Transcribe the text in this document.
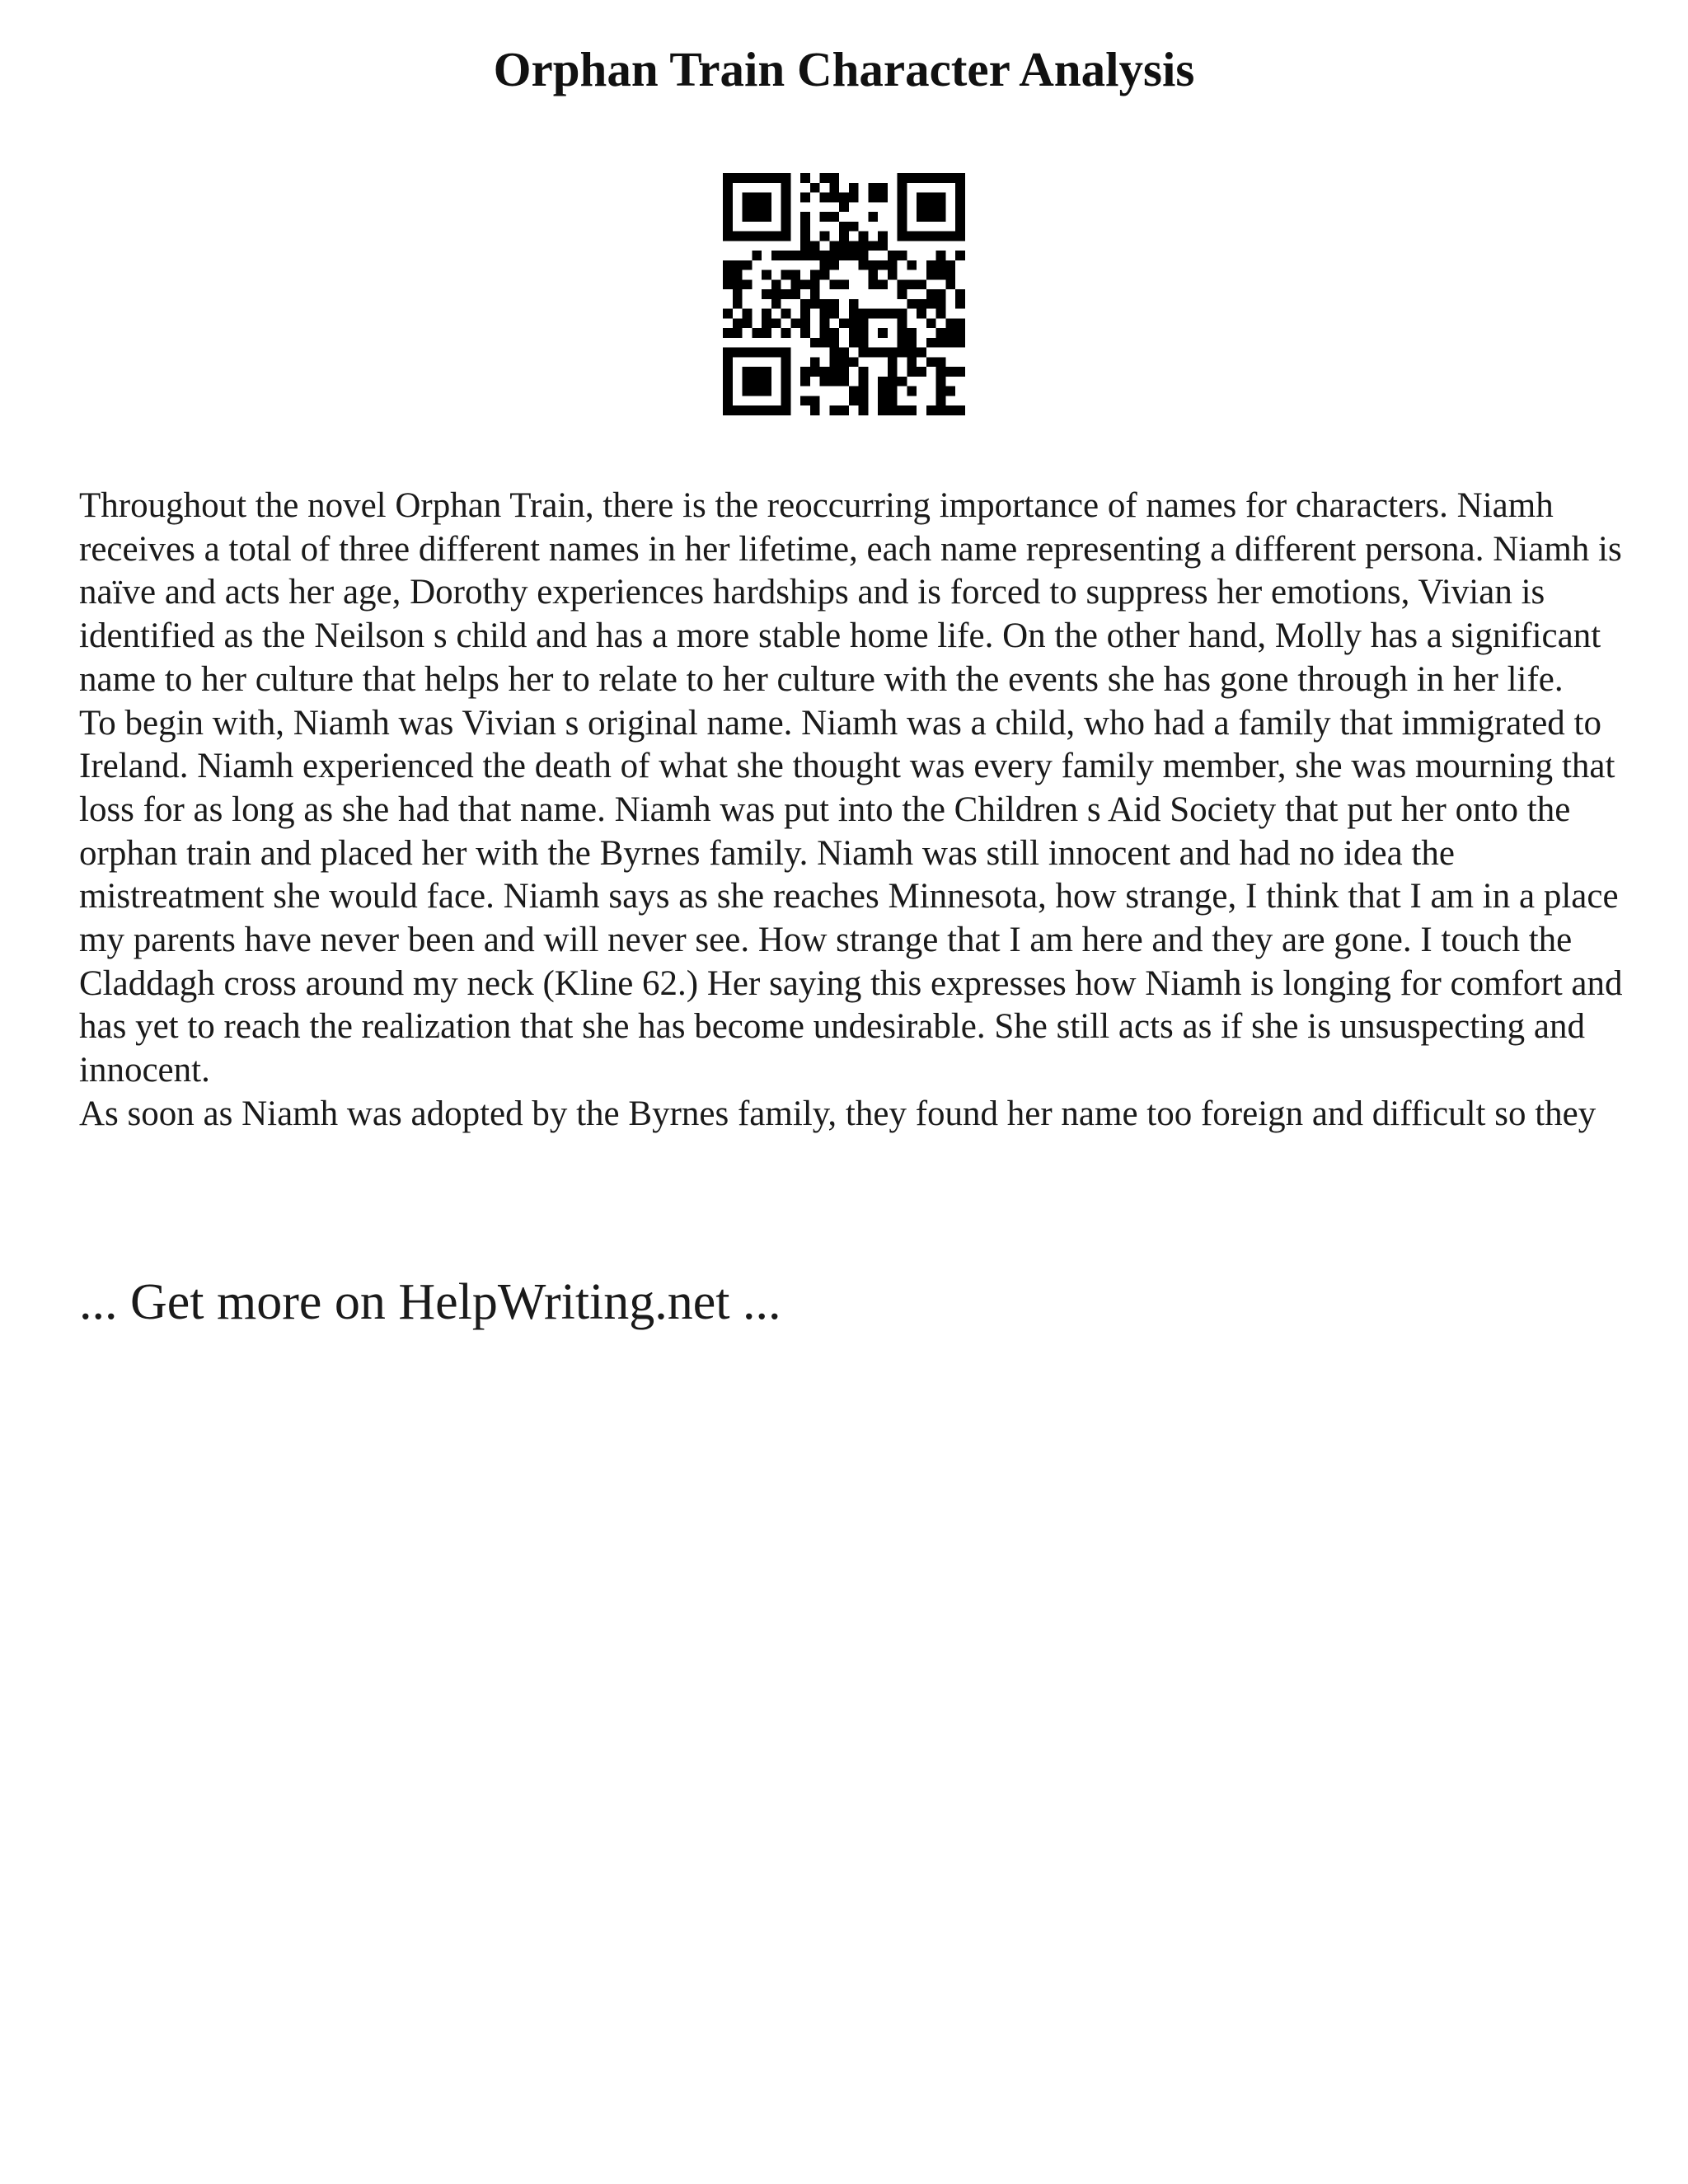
Orphan Train Character Analysis

Throughout the novel Orphan Train, there is the reoccurring importance of names for characters. Niamh receives a total of three different names in her lifetime, each name representing a different persona. Niamh is naïve and acts her age, Dorothy experiences hardships and is forced to suppress her emotions, Vivian is identified as the Neilson s child and has a more stable home life. On the other hand, Molly has a significant name to her culture that helps her to relate to her culture with the events she has gone through in her life.

To begin with, Niamh was Vivian s original name. Niamh was a child, who had a family that immigrated to Ireland. Niamh experienced the death of what she thought was every family member, she was mourning that loss for as long as she had that name. Niamh was put into the Children s Aid Society that put her onto the orphan train and placed her with the Byrnes family. Niamh was still innocent and had no idea the mistreatment she would face. Niamh says as she reaches Minnesota, how strange, I think that I am in a place my parents have never been and will never see. How strange that I am here and they are gone. I touch the Claddagh cross around my neck (Kline 62.) Her saying this expresses how Niamh is longing for comfort and has yet to reach the realization that she has become undesirable. She still acts as if she is unsuspecting and innocent.

As soon as Niamh was adopted by the Byrnes family, they found her name too foreign and difficult so they

... Get more on HelpWriting.net ...
